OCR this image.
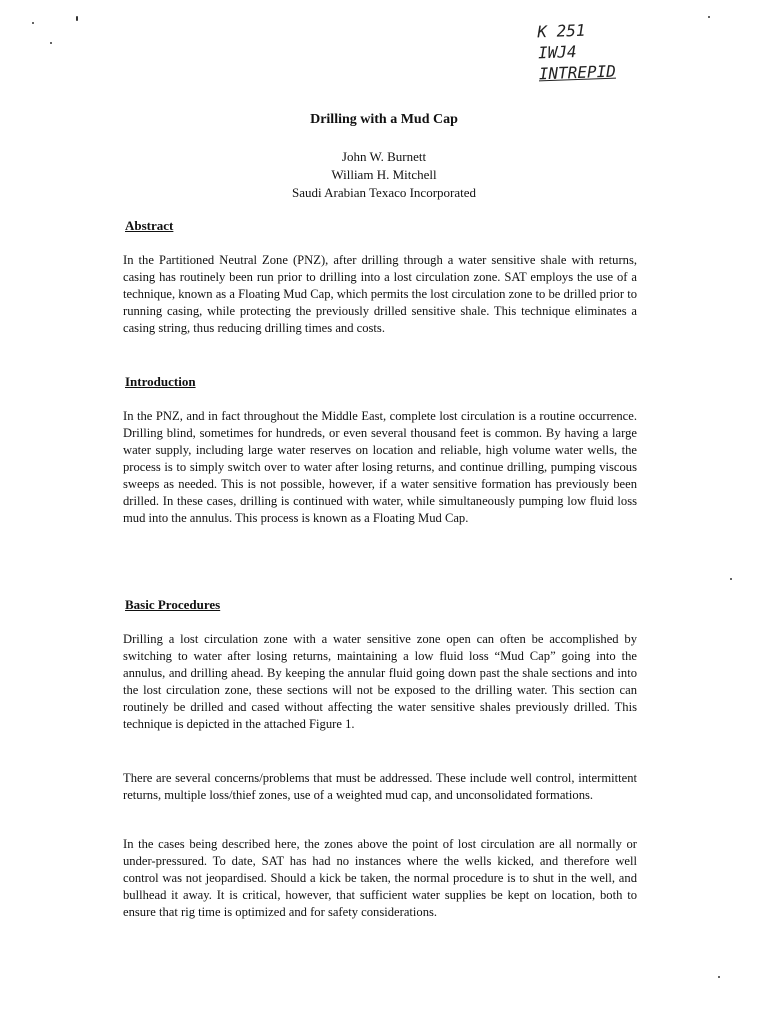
K 251
IWJ4
INTREPID
Drilling with a Mud Cap
John W. Burnett
William H. Mitchell
Saudi Arabian Texaco Incorporated
Abstract

In the Partitioned Neutral Zone (PNZ), after drilling through a water sensitive shale with returns, casing has routinely been run prior to drilling into a lost circulation zone. SAT employs the use of a technique, known as a Floating Mud Cap, which permits the lost circulation zone to be drilled prior to running casing, while protecting the previously drilled sensitive shale. This technique eliminates a casing string, thus reducing drilling times and costs.

Introduction

In the PNZ, and in fact throughout the Middle East, complete lost circulation is a routine occurrence. Drilling blind, sometimes for hundreds, or even several thousand feet is common. By having a large water supply, including large water reserves on location and reliable, high volume water wells, the process is to simply switch over to water after losing returns, and continue drilling, pumping viscous sweeps as needed. This is not possible, however, if a water sensitive formation has previously been drilled. In these cases, drilling is continued with water, while simultaneously pumping low fluid loss mud into the annulus. This process is known as a Floating Mud Cap.

Basic Procedures

Drilling a lost circulation zone with a water sensitive zone open can often be accomplished by switching to water after losing returns, maintaining a low fluid loss “Mud Cap” going into the annulus, and drilling ahead. By keeping the annular fluid going down past the shale sections and into the lost circulation zone, these sections will not be exposed to the drilling water. This section can routinely be drilled and cased without affecting the water sensitive shales previously drilled. This technique is depicted in the attached Figure 1.

There are several concerns/problems that must be addressed. These include well control, intermittent returns, multiple loss/thief zones, use of a weighted mud cap, and unconsolidated formations.

In the cases being described here, the zones above the point of lost circulation are all normally or under-pressured. To date, SAT has had no instances where the wells kicked, and therefore well control was not jeopardised. Should a kick be taken, the normal procedure is to shut in the well, and bullhead it away. It is critical, however, that sufficient water supplies be kept on location, both to ensure that rig time is optimized and for safety considerations.
